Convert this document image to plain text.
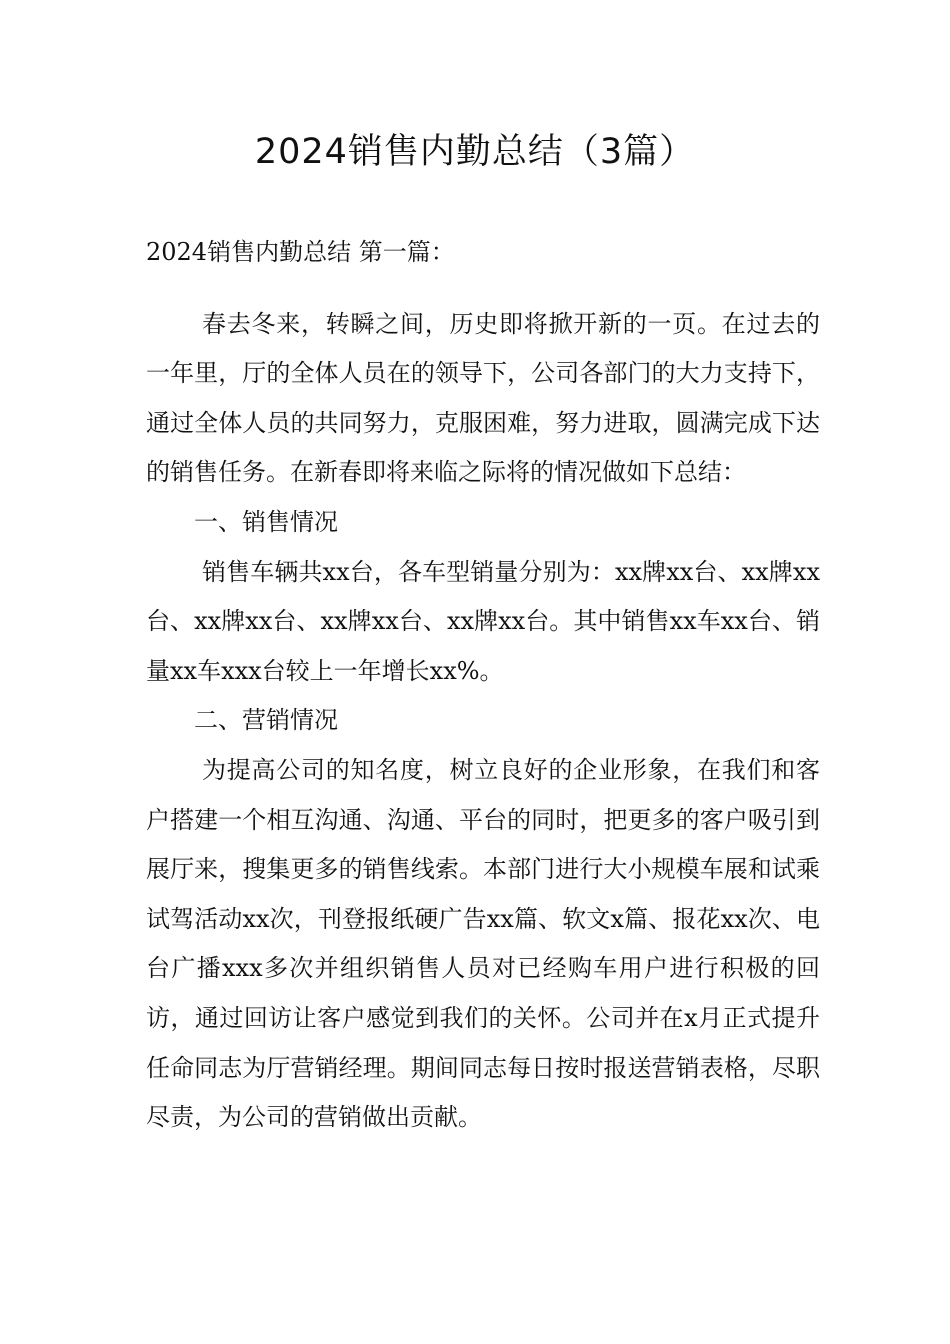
2024销售内勤总结（3篇）

2024销售内勤总结 第一篇：

春去冬来，转瞬之间，历史即将掀开新的一页。在过去的一年里，厅的全体人员在的领导下，公司各部门的大力支持下，通过全体人员的共同努力，克服困难，努力进取，圆满完成下达的销售任务。在新春即将来临之际将的情况做如下总结：

一、销售情况

销售车辆共xx台，各车型销量分别为：xx牌xx台、xx牌xx台、xx牌xx台、xx牌xx台、xx牌xx台。其中销售xx车xx台、销量xx车xxx台较上一年增长xx%。

二、营销情况

为提高公司的知名度，树立良好的企业形象，在我们和客户搭建一个相互沟通、沟通、平台的同时，把更多的客户吸引到展厅来，搜集更多的销售线索。本部门进行大小规模车展和试乘试驾活动xx次，刊登报纸硬广告xx篇、软文x篇、报花xx次、电台广播xxx多次并组织销售人员对已经购车用户进行积极的回访，通过回访让客户感觉到我们的关怀。公司并在x月正式提升任命同志为厅营销经理。期间同志每日按时报送营销表格，尽职尽责，为公司的营销做出贡献。
